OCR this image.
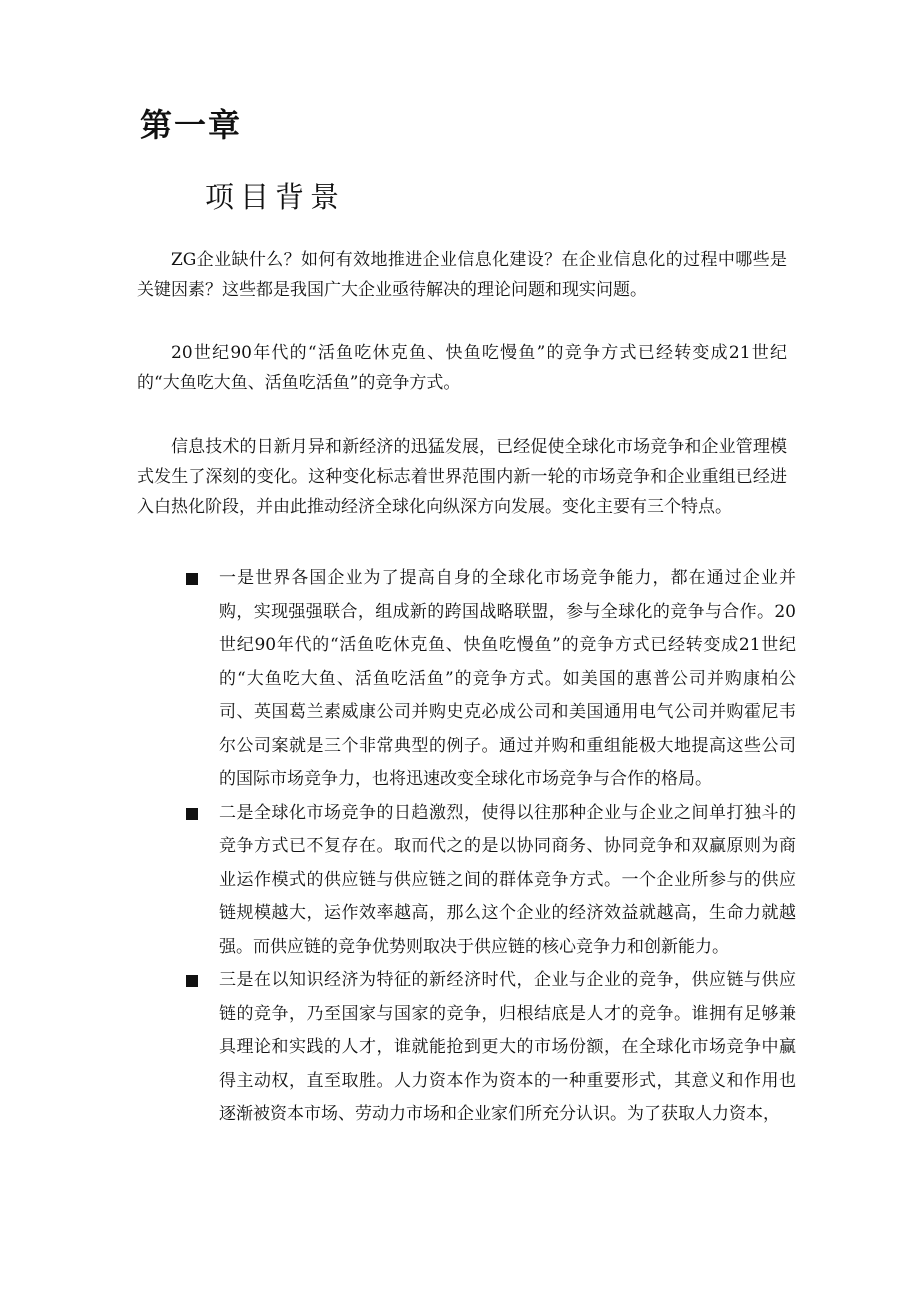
第一章
项目背景

ZG企业缺什么？如何有效地推进企业信息化建设？在企业信息化的过程中哪些是关键因素？这些都是我国广大企业亟待解决的理论问题和现实问题。

20世纪90年代的“活鱼吃休克鱼、快鱼吃慢鱼”的竞争方式已经转变成21世纪的“大鱼吃大鱼、活鱼吃活鱼”的竞争方式。

信息技术的日新月异和新经济的迅猛发展，已经促使全球化市场竞争和企业管理模式发生了深刻的变化。这种变化标志着世界范围内新一轮的市场竞争和企业重组已经进入白热化阶段，并由此推动经济全球化向纵深方向发展。变化主要有三个特点。

一是世界各国企业为了提高自身的全球化市场竞争能力，都在通过企业并购，实现强强联合，组成新的跨国战略联盟，参与全球化的竞争与合作。20世纪90年代的“活鱼吃休克鱼、快鱼吃慢鱼”的竞争方式已经转变成21世纪的“大鱼吃大鱼、活鱼吃活鱼”的竞争方式。如美国的惠普公司并购康柏公司、英国葛兰素威康公司并购史克必成公司和美国通用电气公司并购霍尼韦尔公司案就是三个非常典型的例子。通过并购和重组能极大地提高这些公司的国际市场竞争力，也将迅速改变全球化市场竞争与合作的格局。
二是全球化市场竞争的日趋激烈，使得以往那种企业与企业之间单打独斗的竞争方式已不复存在。取而代之的是以协同商务、协同竞争和双赢原则为商业运作模式的供应链与供应链之间的群体竞争方式。一个企业所参与的供应链规模越大，运作效率越高，那么这个企业的经济效益就越高，生命力就越强。而供应链的竞争优势则取决于供应链的核心竞争力和创新能力。
三是在以知识经济为特征的新经济时代，企业与企业的竞争，供应链与供应链的竞争，乃至国家与国家的竞争，归根结底是人才的竞争。谁拥有足够兼具理论和实践的人才，谁就能抢到更大的市场份额，在全球化市场竞争中赢得主动权，直至取胜。人力资本作为资本的一种重要形式，其意义和作用也逐渐被资本市场、劳动力市场和企业家们所充分认识。为了获取人力资本，
